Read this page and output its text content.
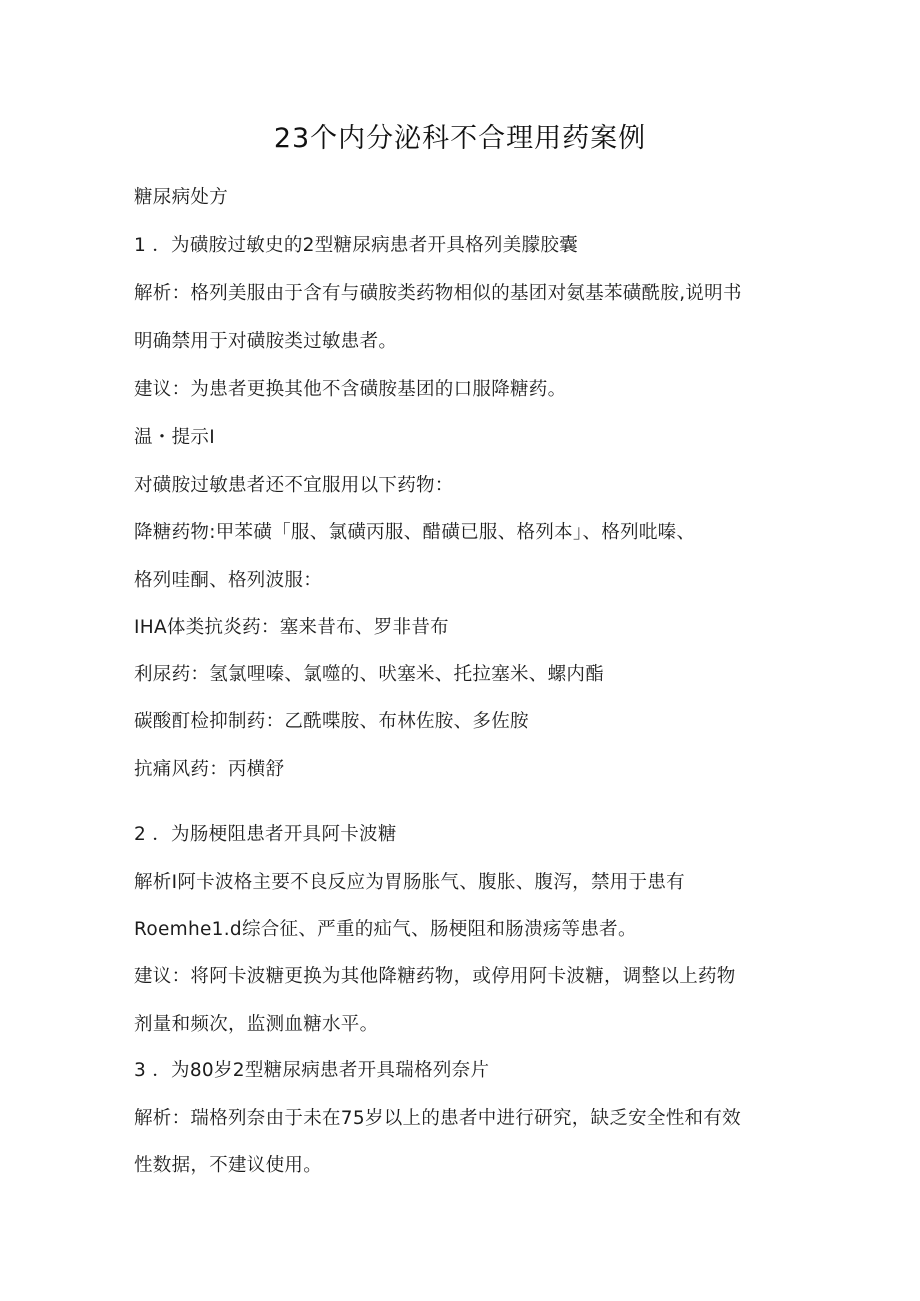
23个内分泌科不合理用药案例
糖尿病处方
1 ．为磺胺过敏史的2型糖尿病患者开具格列美朦胶囊
解析：格列美服由于含有与磺胺类药物相似的基团对氨基苯磺酰胺,说明书
明确禁用于对磺胺类过敏患者。
建议：为患者更换其他不含磺胺基团的口服降糖药。
温・提示I
对磺胺过敏患者还不宜服用以下药物：
降糖药物:甲苯磺「服、氯磺丙服、醋磺已服、格列本」、格列吡嗪、
格列哇酮、格列波服：
IHA体类抗炎药：塞来昔布、罗非昔布
利尿药：氢氯哩嗪、氯噬的、吠塞米、托拉塞米、螺内酯
碳酸酊检抑制药：乙酰喋胺、布林佐胺、多佐胺
抗痛风药：丙横舒
2 ．为肠梗阻患者开具阿卡波糖
解析I阿卡波格主要不良反应为胃肠胀气、腹胀、腹泻，禁用于患有
Roemhe1.d综合征、严重的疝气、肠梗阻和肠溃疡等患者。
建议：将阿卡波糖更换为其他降糖药物，或停用阿卡波糖，调整以上药物
剂量和频次，监测血糖水平。
3 ．为80岁2型糖尿病患者开具瑞格列奈片
解析：瑞格列奈由于未在75岁以上的患者中进行研究，缺乏安全性和有效
性数据，不建议使用。
